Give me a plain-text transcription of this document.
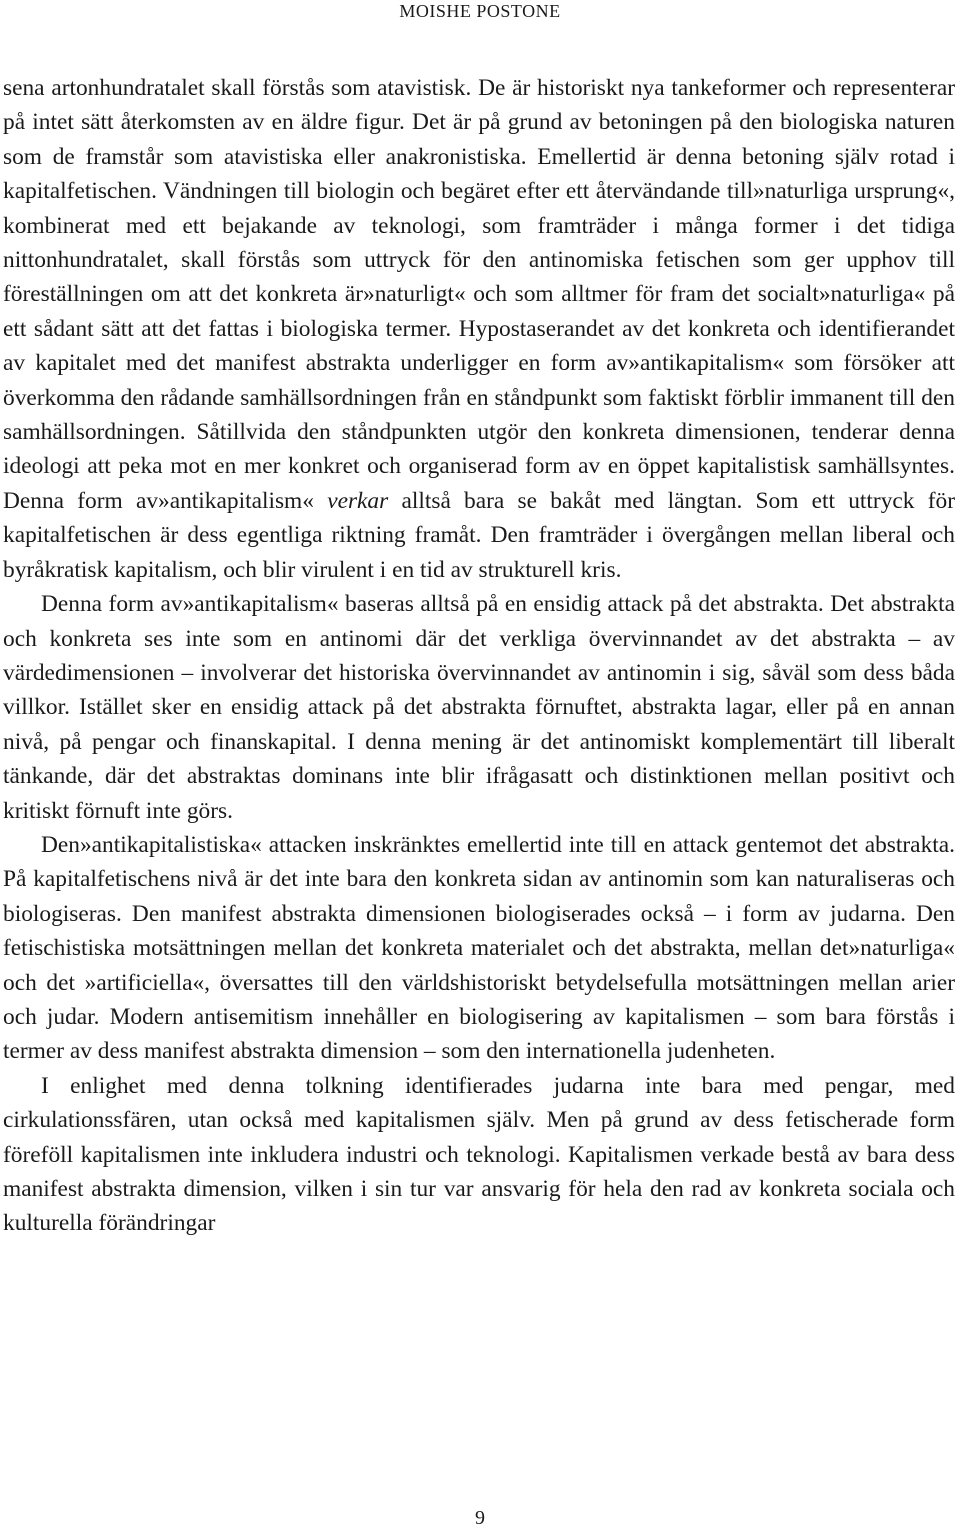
MOISHE POSTONE

sena artonhundratalet skall förstås som atavistisk. De är historiskt nya tankeformer och representerar på intet sätt återkomsten av en äldre figur. Det är på grund av betoningen på den biologiska naturen som de framstår som atavistiska eller anakronistiska. Emellertid är denna betoning själv rotad i kapitalfetischen. Vändningen till biologin och begäret efter ett återvändande till»naturliga ursprung«, kombinerat med ett bejakande av teknologi, som framträder i många former i det tidiga nittonhundratalet, skall förstås som uttryck för den antinomiska fetischen som ger upphov till föreställningen om att det konkreta är»naturligt« och som alltmer för fram det socialt»naturliga« på ett sådant sätt att det fattas i biologiska termer. Hypostaserandet av det konkreta och identifierandet av kapitalet med det manifest abstrakta underligger en form av»antikapitalism« som försöker att överkomma den rådande samhällsordningen från en ståndpunkt som faktiskt förblir immanent till den samhällsordningen. Såtillvida den ståndpunkten utgör den konkreta dimensionen, tenderar denna ideologi att peka mot en mer konkret och organiserad form av en öppet kapitalistisk samhällsyntes. Denna form av»antikapitalism« verkar alltså bara se bakåt med längtan. Som ett uttryck för kapitalfetischen är dess egentliga riktning framåt. Den framträder i övergången mellan liberal och byråkratisk kapitalism, och blir virulent i en tid av strukturell kris.

Denna form av»antikapitalism« baseras alltså på en ensidig attack på det abstrakta. Det abstrakta och konkreta ses inte som en antinomi där det verkliga övervinnandet av det abstrakta – av värdedimensionen – involverar det historiska övervinnandet av antinomin i sig, såväl som dess båda villkor. Istället sker en ensidig attack på det abstrakta förnuftet, abstrakta lagar, eller på en annan nivå, på pengar och finanskapital. I denna mening är det antinomiskt komplementärt till liberalt tänkande, där det abstraktas dominans inte blir ifrågasatt och distinktionen mellan positivt och kritiskt förnuft inte görs.

Den»antikapitalistiska« attacken inskränktes emellertid inte till en attack gentemot det abstrakta. På kapitalfetischens nivå är det inte bara den konkreta sidan av antinomin som kan naturaliseras och biologiseras. Den manifest abstrakta dimensionen biologiserades också – i form av judarna. Den fetischistiska motsättningen mellan det konkreta materialet och det abstrakta, mellan det»naturliga« och det »artificiella«, översattes till den världshistoriskt betydelsefulla motsättningen mellan arier och judar. Modern antisemitism innehåller en biologisering av kapitalismen – som bara förstås i termer av dess manifest abstrakta dimension – som den internationella judenheten.

I enlighet med denna tolkning identifierades judarna inte bara med pengar, med cirkulationssfären, utan också med kapitalismen själv. Men på grund av dess fetischerade form föreföll kapitalismen inte inkludera industri och teknologi. Kapitalismen verkade bestå av bara dess manifest abstrakta dimension, vilken i sin tur var ansvarig för hela den rad av konkreta sociala och kulturella förändringar

9
